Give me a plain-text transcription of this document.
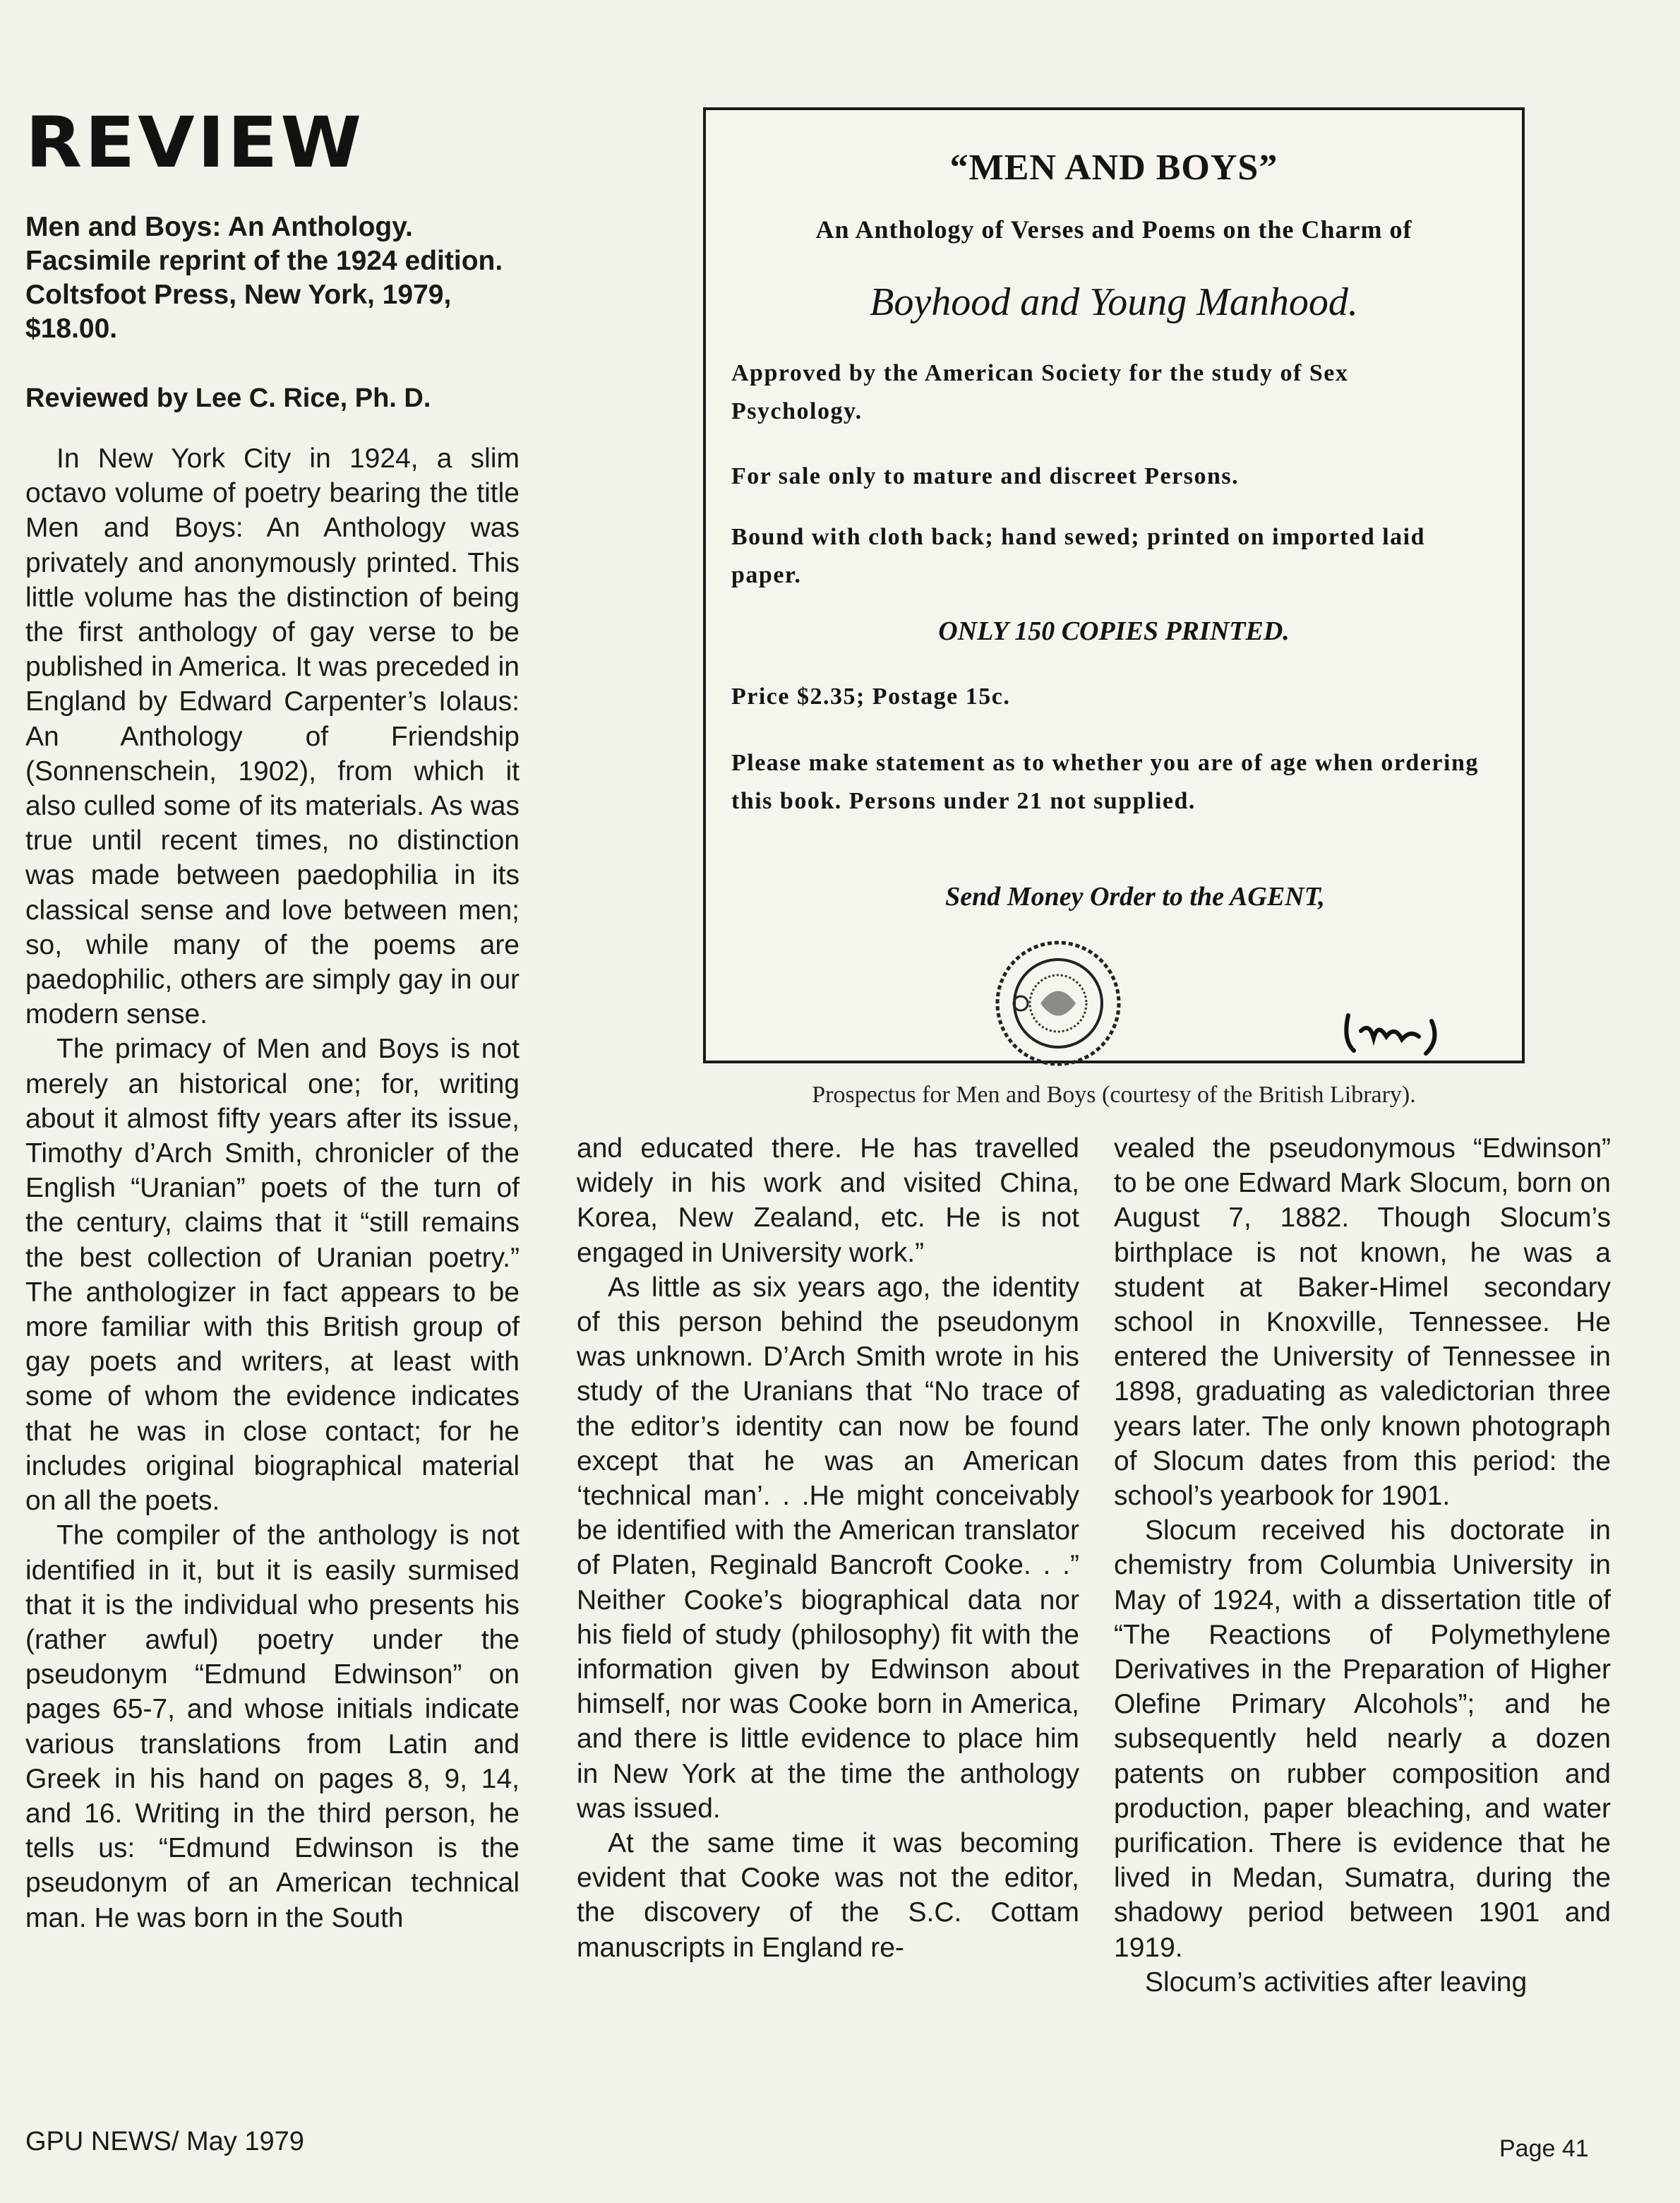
REVIEW
Men and Boys: An Anthology. Facsimile reprint of the 1924 edition. Coltsfoot Press, New York, 1979, $18.00.
Reviewed by Lee C. Rice, Ph. D.

In New York City in 1924, a slim octavo volume of poetry bearing the title Men and Boys: An Anthology was privately and anonymously printed. This little volume has the distinction of being the first anthology of gay verse to be published in America. It was preceded in England by Edward Carpenter’s Iolaus: An Anthology of Friendship (Sonnenschein, 1902), from which it also culled some of its materials. As was true until recent times, no distinction was made between paedophilia in its classical sense and love between men; so, while many of the poems are paedophilic, others are simply gay in our modern sense.

The primacy of Men and Boys is not merely an historical one; for, writing about it almost fifty years after its issue, Timothy d’Arch Smith, chronicler of the English “Uranian” poets of the turn of the century, claims that it “still remains the best collection of Uranian poetry.” The anthologizer in fact appears to be more familiar with this British group of gay poets and writers, at least with some of whom the evidence indicates that he was in close contact; for he includes original biographical material on all the poets.

The compiler of the anthology is not identified in it, but it is easily surmised that it is the individual who presents his (rather awful) poetry under the pseudonym “Edmund Edwinson” on pages 65-7, and whose initials indicate various translations from Latin and Greek in his hand on pages 8, 9, 14, and 16. Writing in the third person, he tells us: “Edmund Edwinson is the pseudonym of an American technical man. He was born in the South

“MEN AND BOYS”
An Anthology of Verses and Poems on the Charm of
Boyhood and Young Manhood.
Approved by the American Society for the study of Sex Psychology.
For sale only to mature and discreet Persons.
Bound with cloth back; hand sewed; printed on imported laid paper.
ONLY 150 COPIES PRINTED.
Price $2.35; Postage 15c.
Please make statement as to whether you are of age when ordering this book. Persons under 21 not supplied.
Send Money Order to the AGENT,
Prospectus for Men and Boys (courtesy of the British Library).

and educated there. He has travelled widely in his work and visited China, Korea, New Zealand, etc. He is not engaged in University work.”

As little as six years ago, the identity of this person behind the pseudonym was unknown. D’Arch Smith wrote in his study of the Uranians that “No trace of the editor’s identity can now be found except that he was an American ‘technical man’. . .He might conceivably be identified with the American translator of Platen, Reginald Bancroft Cooke. . .” Neither Cooke’s biographical data nor his field of study (philosophy) fit with the information given by Edwinson about himself, nor was Cooke born in America, and there is little evidence to place him in New York at the time the anthology was issued.

At the same time it was becoming evident that Cooke was not the editor, the discovery of the S.C. Cottam manuscripts in England re-

vealed the pseudonymous “Edwinson” to be one Edward Mark Slocum, born on August 7, 1882. Though Slocum’s birthplace is not known, he was a student at Baker-Himel secondary school in Knoxville, Tennessee. He entered the University of Tennessee in 1898, graduating as valedictorian three years later. The only known photograph of Slocum dates from this period: the school’s yearbook for 1901.

Slocum received his doctorate in chemistry from Columbia University in May of 1924, with a dissertation title of “The Reactions of Polymethylene Derivatives in the Preparation of Higher Olefine Primary Alcohols”; and he subsequently held nearly a dozen patents on rubber composition and production, paper bleaching, and water purification. There is evidence that he lived in Medan, Sumatra, during the shadowy period between 1901 and 1919.

Slocum’s activities after leaving

GPU NEWS/ May 1979	Page 41
